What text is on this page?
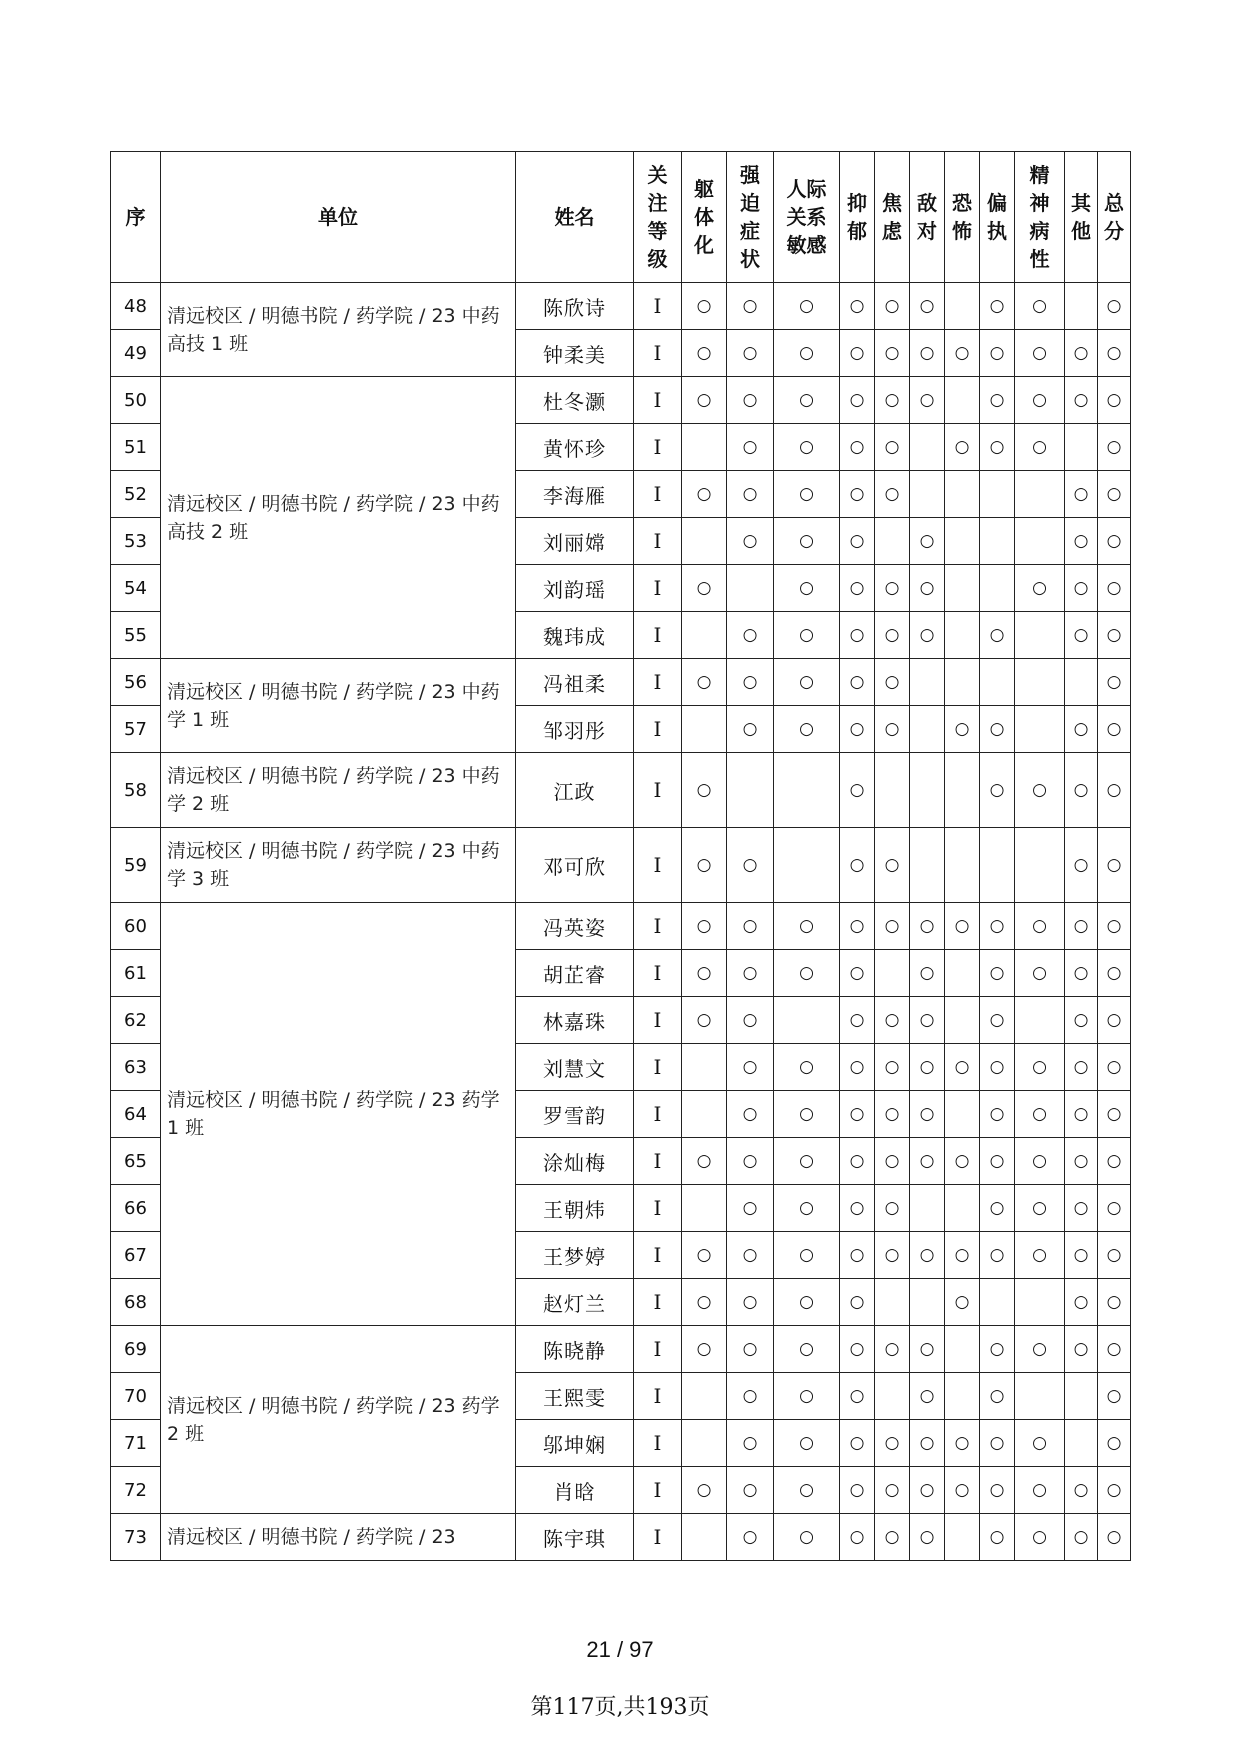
序	单位	姓名	关
注
等
级	躯
体
化	强
迫
症
状	人际
关系
敏感	抑
郁	焦
虑	敌
对	恐
怖	偏
执	精
神
病
性	其
他	总
分
48	清远校区 / 明德书院 / 药学院 / 23 中药高技 1 班	陈欣诗	I	○	○	○	○	○	○		○	○		○
49		钟柔美	I	○	○	○	○	○	○	○	○	○	○	○
50	清远校区 / 明德书院 / 药学院 / 23 中药高技 2 班	杜冬灏	I	○	○	○	○	○	○		○	○	○	○
51		黄怀珍	I		○	○	○	○		○	○	○		○
52		李海雁	I	○	○	○	○	○					○	○
53		刘丽嫦	I		○	○	○		○				○	○
54		刘韵瑶	I	○		○	○	○	○			○	○	○
55		魏玮成	I		○	○	○	○	○		○		○	○
56	清远校区 / 明德书院 / 药学院 / 23 中药学 1 班	冯祖柔	I	○	○	○	○	○						○
57		邹羽彤	I		○	○	○	○		○	○		○	○
58	清远校区 / 明德书院 / 药学院 / 23 中药学 2 班	江政	I	○			○				○	○	○	○
59	清远校区 / 明德书院 / 药学院 / 23 中药学 3 班	邓可欣	I	○	○		○	○					○	○
60	清远校区 / 明德书院 / 药学院 / 23 药学 1 班	冯英姿	I	○	○	○	○	○	○	○	○	○	○	○
61		胡芷睿	I	○	○	○	○		○		○	○	○	○
62		林嘉珠	I	○	○		○	○	○		○		○	○
63		刘慧文	I		○	○	○	○	○	○	○	○	○	○
64		罗雪韵	I		○	○	○	○	○		○	○	○	○
65		涂灿梅	I	○	○	○	○	○	○	○	○	○	○	○
66		王朝炜	I		○	○	○	○			○	○	○	○
67		王梦婷	I	○	○	○	○	○	○	○	○	○	○	○
68		赵灯兰	I	○	○	○	○			○			○	○
69	清远校区 / 明德书院 / 药学院 / 23 药学 2 班	陈晓静	I	○	○	○	○	○	○		○	○	○	○
70		王熙雯	I		○	○	○		○		○			○
71		邬坤娴	I		○	○	○	○	○	○	○	○		○
72		肖晗	I	○	○	○	○	○	○	○	○	○	○	○
73	清远校区 / 明德书院 / 药学院 / 23	陈宇琪	I		○	○	○	○	○		○	○	○	○
21 / 97
第117页,共193页
